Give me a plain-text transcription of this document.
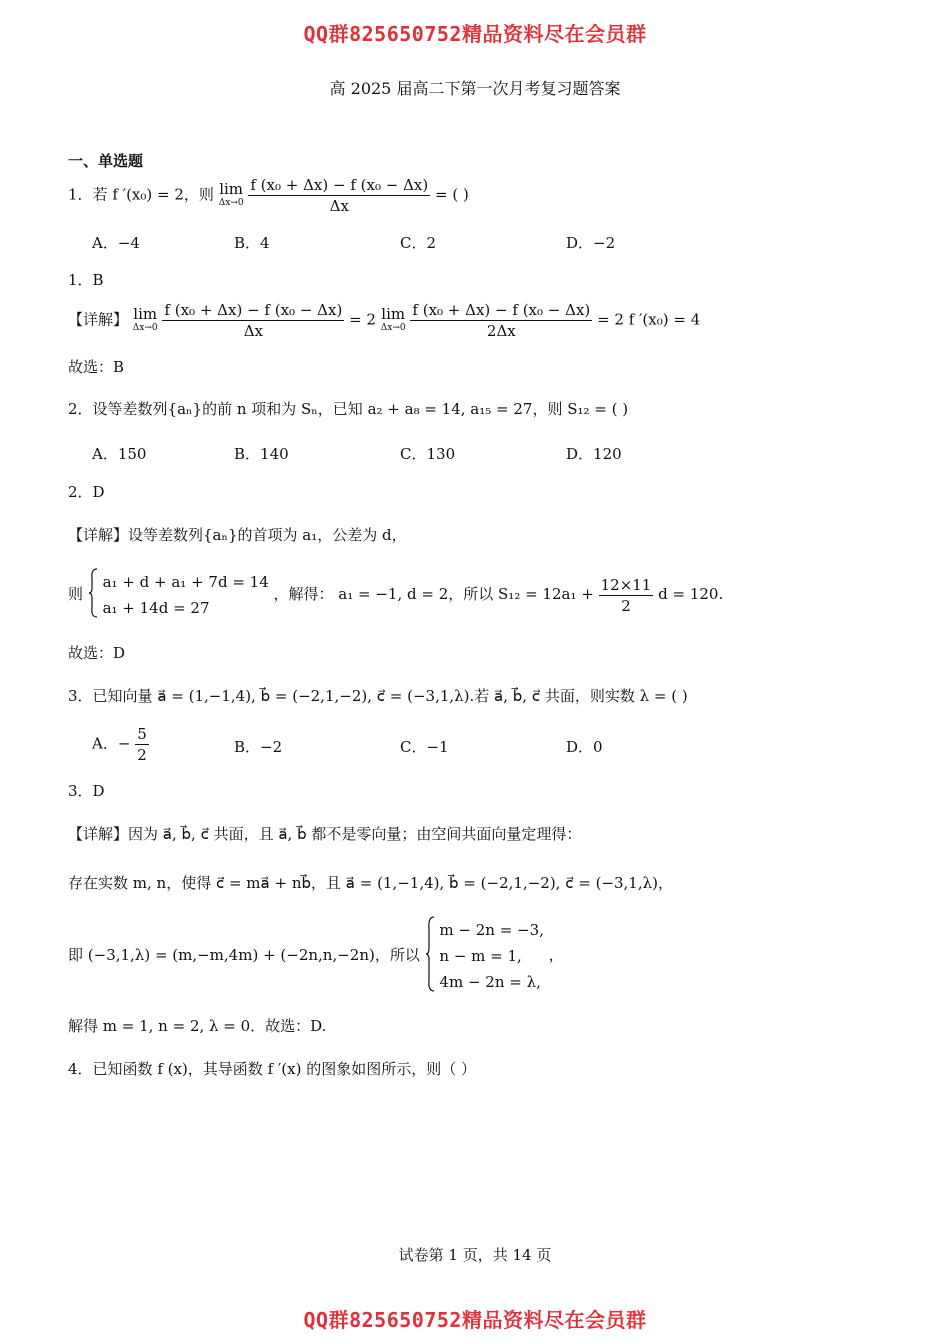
QQ群825650752精品资料尽在会员群
高 2025 届高二下第一次月考复习题答案
一、单选题
1．若 f ′(x₀) = 2，则 lim
Δx→0
$\frac{\text{f (x₀ + Δx) − f (x₀ − Δx)}}{\Delta x}$ = ( )
A．−4	B．4	C．2	D．−2
1．B
【详解】 lim
Δx→0
$\frac{\text{f (x₀ + Δx) − f (x₀ − Δx)}}{\Delta x} = 2$ lim
Δx→0
$\frac{\text{f (x₀ + Δx) − f (x₀ − Δx)}}{2\Delta x} = 2$ f ′(x₀) = 4
故选：B
2．设等差数列{aₙ}的前 n 项和为 Sₙ，已知 a₂ + a₈ = 14, a₁₅ = 27，则 S₁₂ = ( )
A．150	B．140	C．130	D．120
2．D
【详解】设等差数列{aₙ}的首项为 a₁，公差为 d，
则
a₁ + d + a₁ + 7d = 14
a₁ + 14d = 27
，解得： a₁ = −1, d = 2，所以 $S_{12} = 12a_1 + \frac{12\times 11}{2}$ d = 120.
故选：D
3．已知向量 a⃗ = (1,−1,4), b⃗ = (−2,1,−2), c⃗ = (−3,1,λ).若 a⃗, b⃗, c⃗ 共面，则实数 λ = ( )
A．− $\frac{5}{2}$	B．−2	C．−1	D．0
3．D
【详解】因为 a⃗, b⃗, c⃗ 共面，且 a⃗, b⃗ 都不是零向量；由空间共面向量定理得：
存在实数 m, n，使得 c⃗ = ma⃗ + nb⃗，且 a⃗ = (1,−1,4), b⃗ = (−2,1,−2), c⃗ = (−3,1,λ)，
即 (−3,1,λ) = (m,−m,4m) + (−2n,n,−2n)，所以
m − 2n = −3,
n − m = 1,
4m − 2n = λ,
，
解得 m = 1, n = 2, λ = 0．故选：D.
4．已知函数 f (x)，其导函数 f ′(x) 的图象如图所示，则（ ）
试卷第 1 页，共 14 页
QQ群825650752精品资料尽在会员群
